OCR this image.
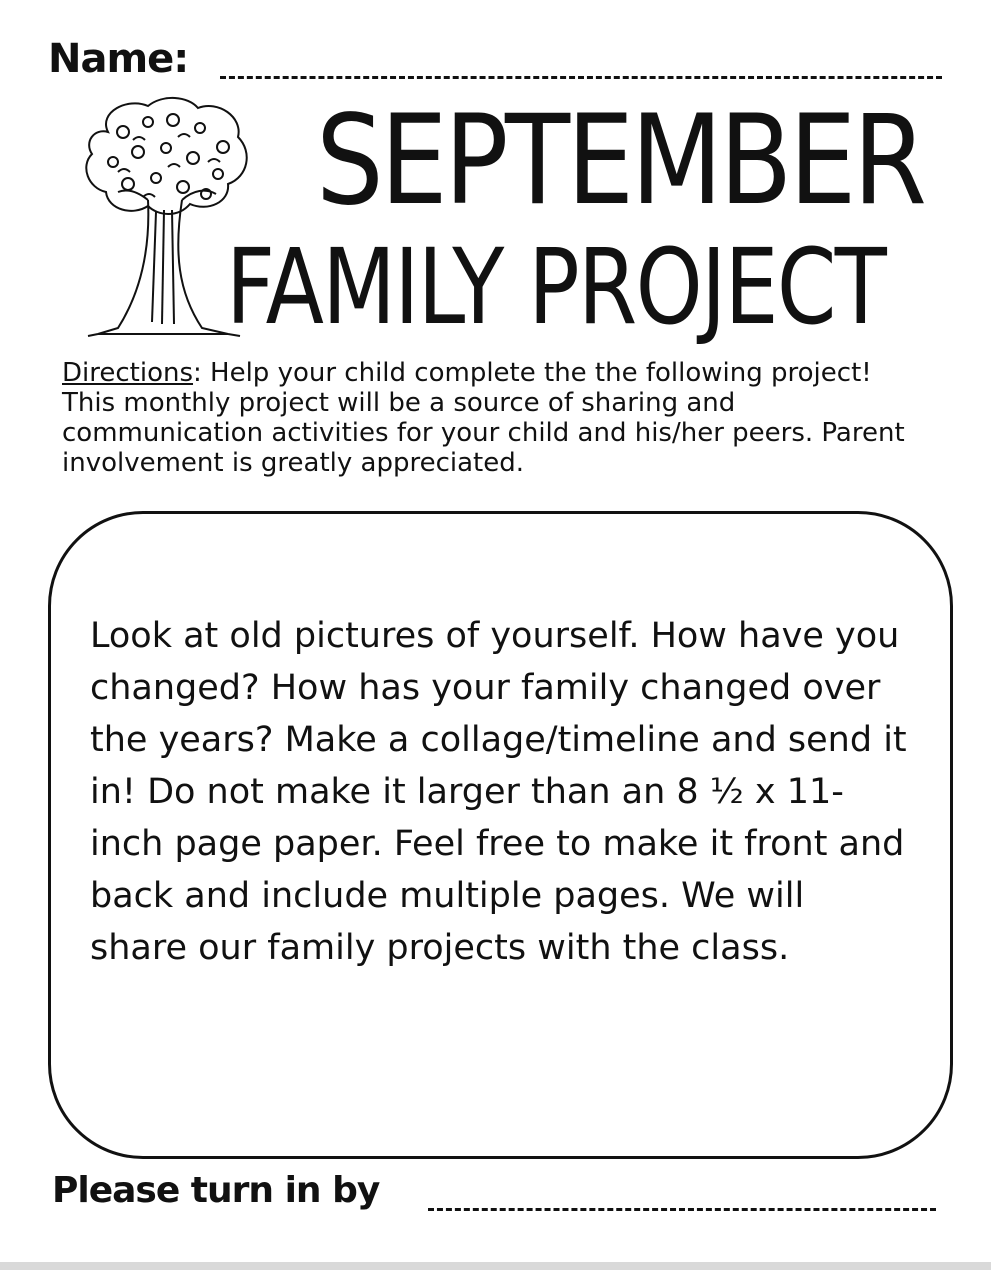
Name:
SEPTEMBER
FAMILY PROJECT
Directions: Help your child complete the the following project! This monthly project will be a source of sharing and communication activities for your child and his/her peers. Parent involvement is greatly appreciated.
Look at old pictures of yourself. How have you changed? How has your family changed over the years? Make a collage/timeline and send it in! Do not make it larger than an 8 ½ x 11-inch page paper. Feel free to make it front and back and include multiple pages. We will share our family projects with the class.
Please turn in by
